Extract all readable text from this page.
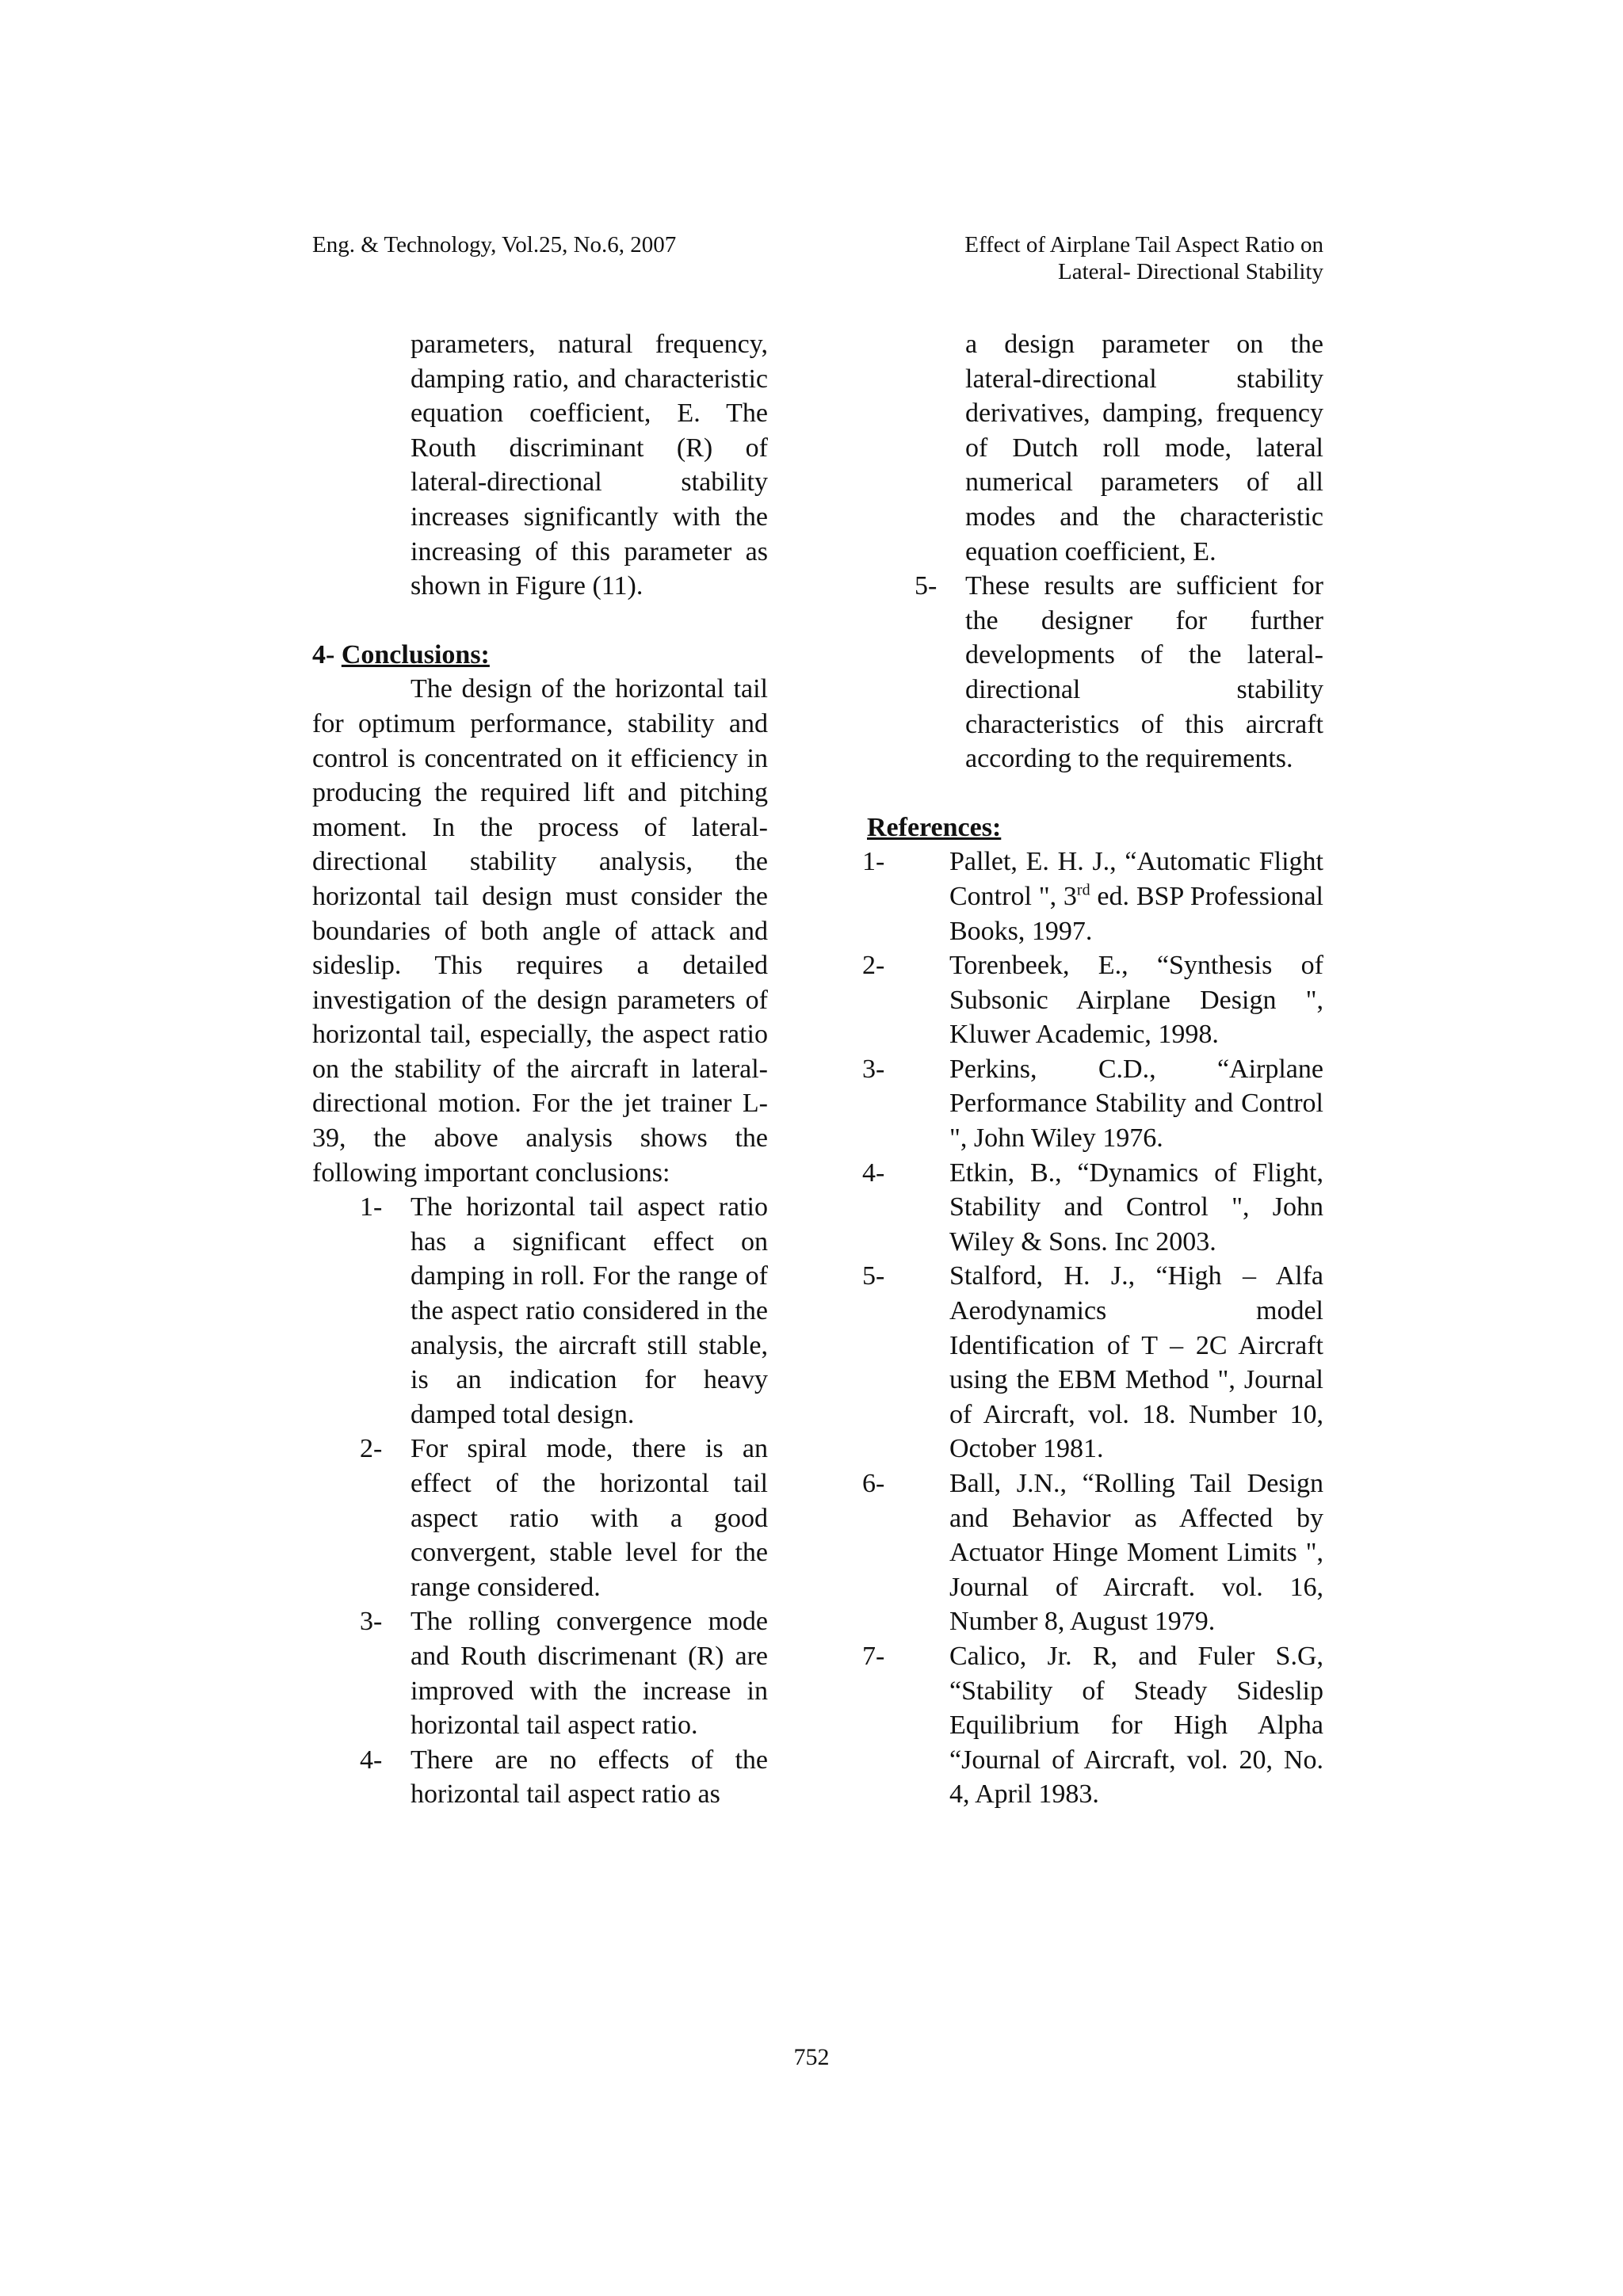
Eng. & Technology, Vol.25, No.6, 2007	Effect of Airplane Tail Aspect Ratio on
Lateral- Directional Stability
parameters, natural frequency, damping ratio, and characteristic equation coefficient, E. The Routh discriminant (R) of lateral-directional stability increases significantly with the increasing of this parameter as shown in Figure (11).
4- Conclusions:
The design of the horizontal tail for optimum performance, stability and control is concentrated on it efficiency in producing the required lift and pitching moment. In the process of lateral-directional stability analysis, the horizontal tail design must consider the boundaries of both angle of attack and sideslip. This requires a detailed investigation of the design parameters of horizontal tail, especially, the aspect ratio on the stability of the aircraft in lateral-directional motion. For the jet trainer L-39, the above analysis shows the following important conclusions:
1- The horizontal tail aspect ratio has a significant effect on damping in roll. For the range of the aspect ratio considered in the analysis, the aircraft still stable, is an indication for heavy damped total design.
2- For spiral mode, there is an effect of the horizontal tail aspect ratio with a good convergent, stable level for the range considered.
3- The rolling convergence mode and Routh discrimenant (R) are improved with the increase in horizontal tail aspect ratio.
4- There are no effects of the horizontal tail aspect ratio as
a design parameter on the lateral-directional stability derivatives, damping, frequency of Dutch roll mode, lateral numerical parameters of all modes and the characteristic equation coefficient, E.
5- These results are sufficient for the designer for further developments of the lateral-directional stability characteristics of this aircraft according to the requirements.
References:
1- Pallet, E. H. J., “Automatic Flight Control ", 3rd ed. BSP Professional Books, 1997.
2- Torenbeek, E., “Synthesis of Subsonic Airplane Design ", Kluwer Academic, 1998.
3- Perkins, C.D., “Airplane Performance Stability and Control ", John Wiley 1976.
4- Etkin, B., “Dynamics of Flight, Stability and Control ", John Wiley & Sons. Inc 2003.
5- Stalford, H. J., “High – Alfa Aerodynamics model Identification of T – 2C Aircraft using the EBM Method ", Journal of Aircraft, vol. 18. Number 10, October 1981.
6- Ball, J.N., “Rolling Tail Design and Behavior as Affected by Actuator Hinge Moment Limits ", Journal of Aircraft. vol. 16, Number 8, August 1979.
7- Calico, Jr. R, and Fuler S.G, “Stability of Steady Sideslip Equilibrium for High Alpha “Journal of Aircraft, vol. 20, No. 4, April 1983.
752
